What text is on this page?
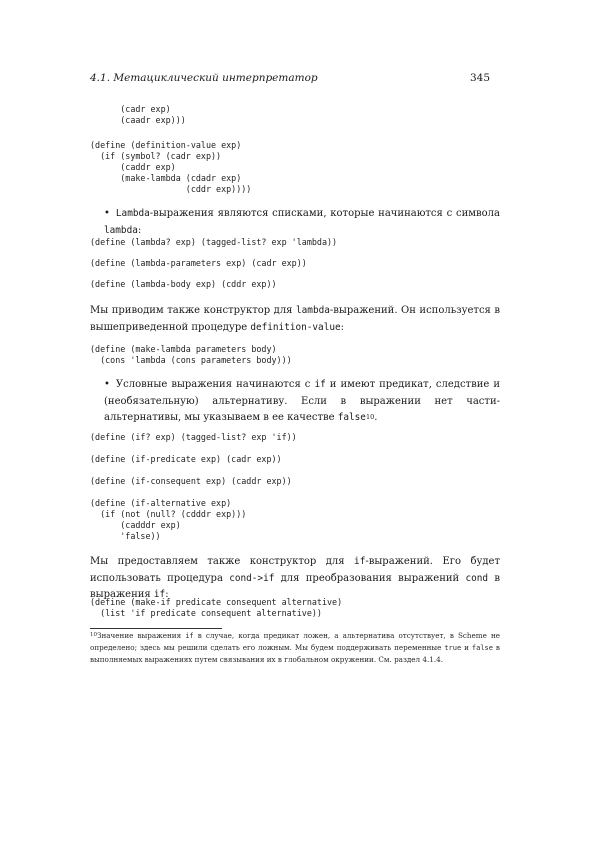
4.1. Метациклический интерпретатор	345
(cadr exp)
(caadr exp)))
(define (definition-value exp)
(if (symbol? (cadr exp))
(caddr exp)
(make-lambda (cdadr exp)
(cddr exp))))
• Lambda-выражения являются списками, которые начинаются с символа lambda:
(define (lambda? exp) (tagged-list? exp 'lambda))
(define (lambda-parameters exp) (cadr exp))
(define (lambda-body exp) (cddr exp))
Мы приводим также конструктор для lambda-выражений. Он используется в вышеприведенной процедуре definition-value:
(define (make-lambda parameters body)
(cons 'lambda (cons parameters body)))
• Условные выражения начинаются с if и имеют предикат, следствие и (необязательную) альтернативу. Если в выражении нет части-альтернативы, мы указываем в ее качестве false$^{10}$.
(define (if? exp) (tagged-list? exp 'if))
(define (if-predicate exp) (cadr exp))
(define (if-consequent exp) (caddr exp))
(define (if-alternative exp)
(if (not (null? (cdddr exp)))
(cadddr exp)
'false))
Мы предоставляем также конструктор для if-выражений. Его будет использовать процедура cond->if для преобразования выражений cond в выражения if:
(define (make-if predicate consequent alternative)
(list 'if predicate consequent alternative))
$^{10}$Значение выражения if в случае, когда предикат ложен, а альтернатива отсутствует, в Scheme не определено; здесь мы решили сделать его ложным. Мы будем поддерживать переменные true и false в выполняемых выражениях путем связывания их в глобальном окружении. См. раздел 4.1.4.
